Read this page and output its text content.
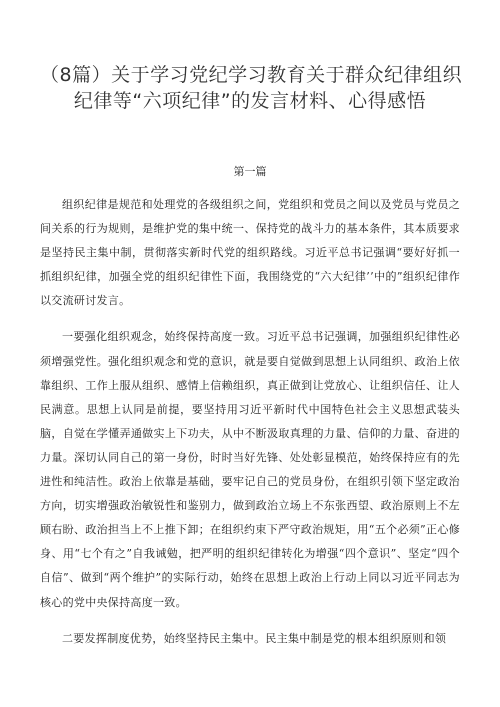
（8篇）关于学习党纪学习教育关于群众纪律组织
纪律等“六项纪律”的发言材料、心得感悟
第一篇

组织纪律是规范和处理党的各级组织之间，党组织和党员之间以及党员与党员之间关系的行为规则，是维护党的集中统一、保持党的战斗力的基本条件，其本质要求是坚持民主集中制，贯彻落实新时代党的组织路线。习近平总书记强调“要好好抓一抓组织纪律，加强全党的组织纪律性下面，我围绕党的“六大纪律’’中的”组织纪律作以交流研讨发言。

一要强化组织观念，始终保持高度一致。习近平总书记强调，加强组织纪律性必须增强党性。强化组织观念和党的意识，就是要自觉做到思想上认同组织、政治上依靠组织、工作上服从组织、感情上信赖组织，真正做到让党放心、让组织信任、让人民满意。思想上认同是前提，要坚持用习近平新时代中国特色社会主义思想武装头脑，自觉在学懂弄通做实上下功夫，从中不断汲取真理的力量、信仰的力量、奋进的力量。深切认同自己的第一身份，时时当好先锋、处处彰显模范，始终保持应有的先进性和纯洁性。政治上依靠是基础，要牢记自己的党员身份，在组织引领下坚定政治方向，切实增强政治敏锐性和鉴别力，做到政治立场上不东张西望、政治原则上不左顾右盼、政治担当上不上推下卸；在组织约束下严守政治规矩，用“五个必须”正心修身、用“七个有之”自我诫勉，把严明的组织纪律转化为增强“四个意识”、坚定“四个自信”、做到“两个维护”的实际行动，始终在思想上政治上行动上同以习近平同志为核心的党中央保持高度一致。

二要发挥制度优势，始终坚持民主集中。民主集中制是党的根本组织原则和领
